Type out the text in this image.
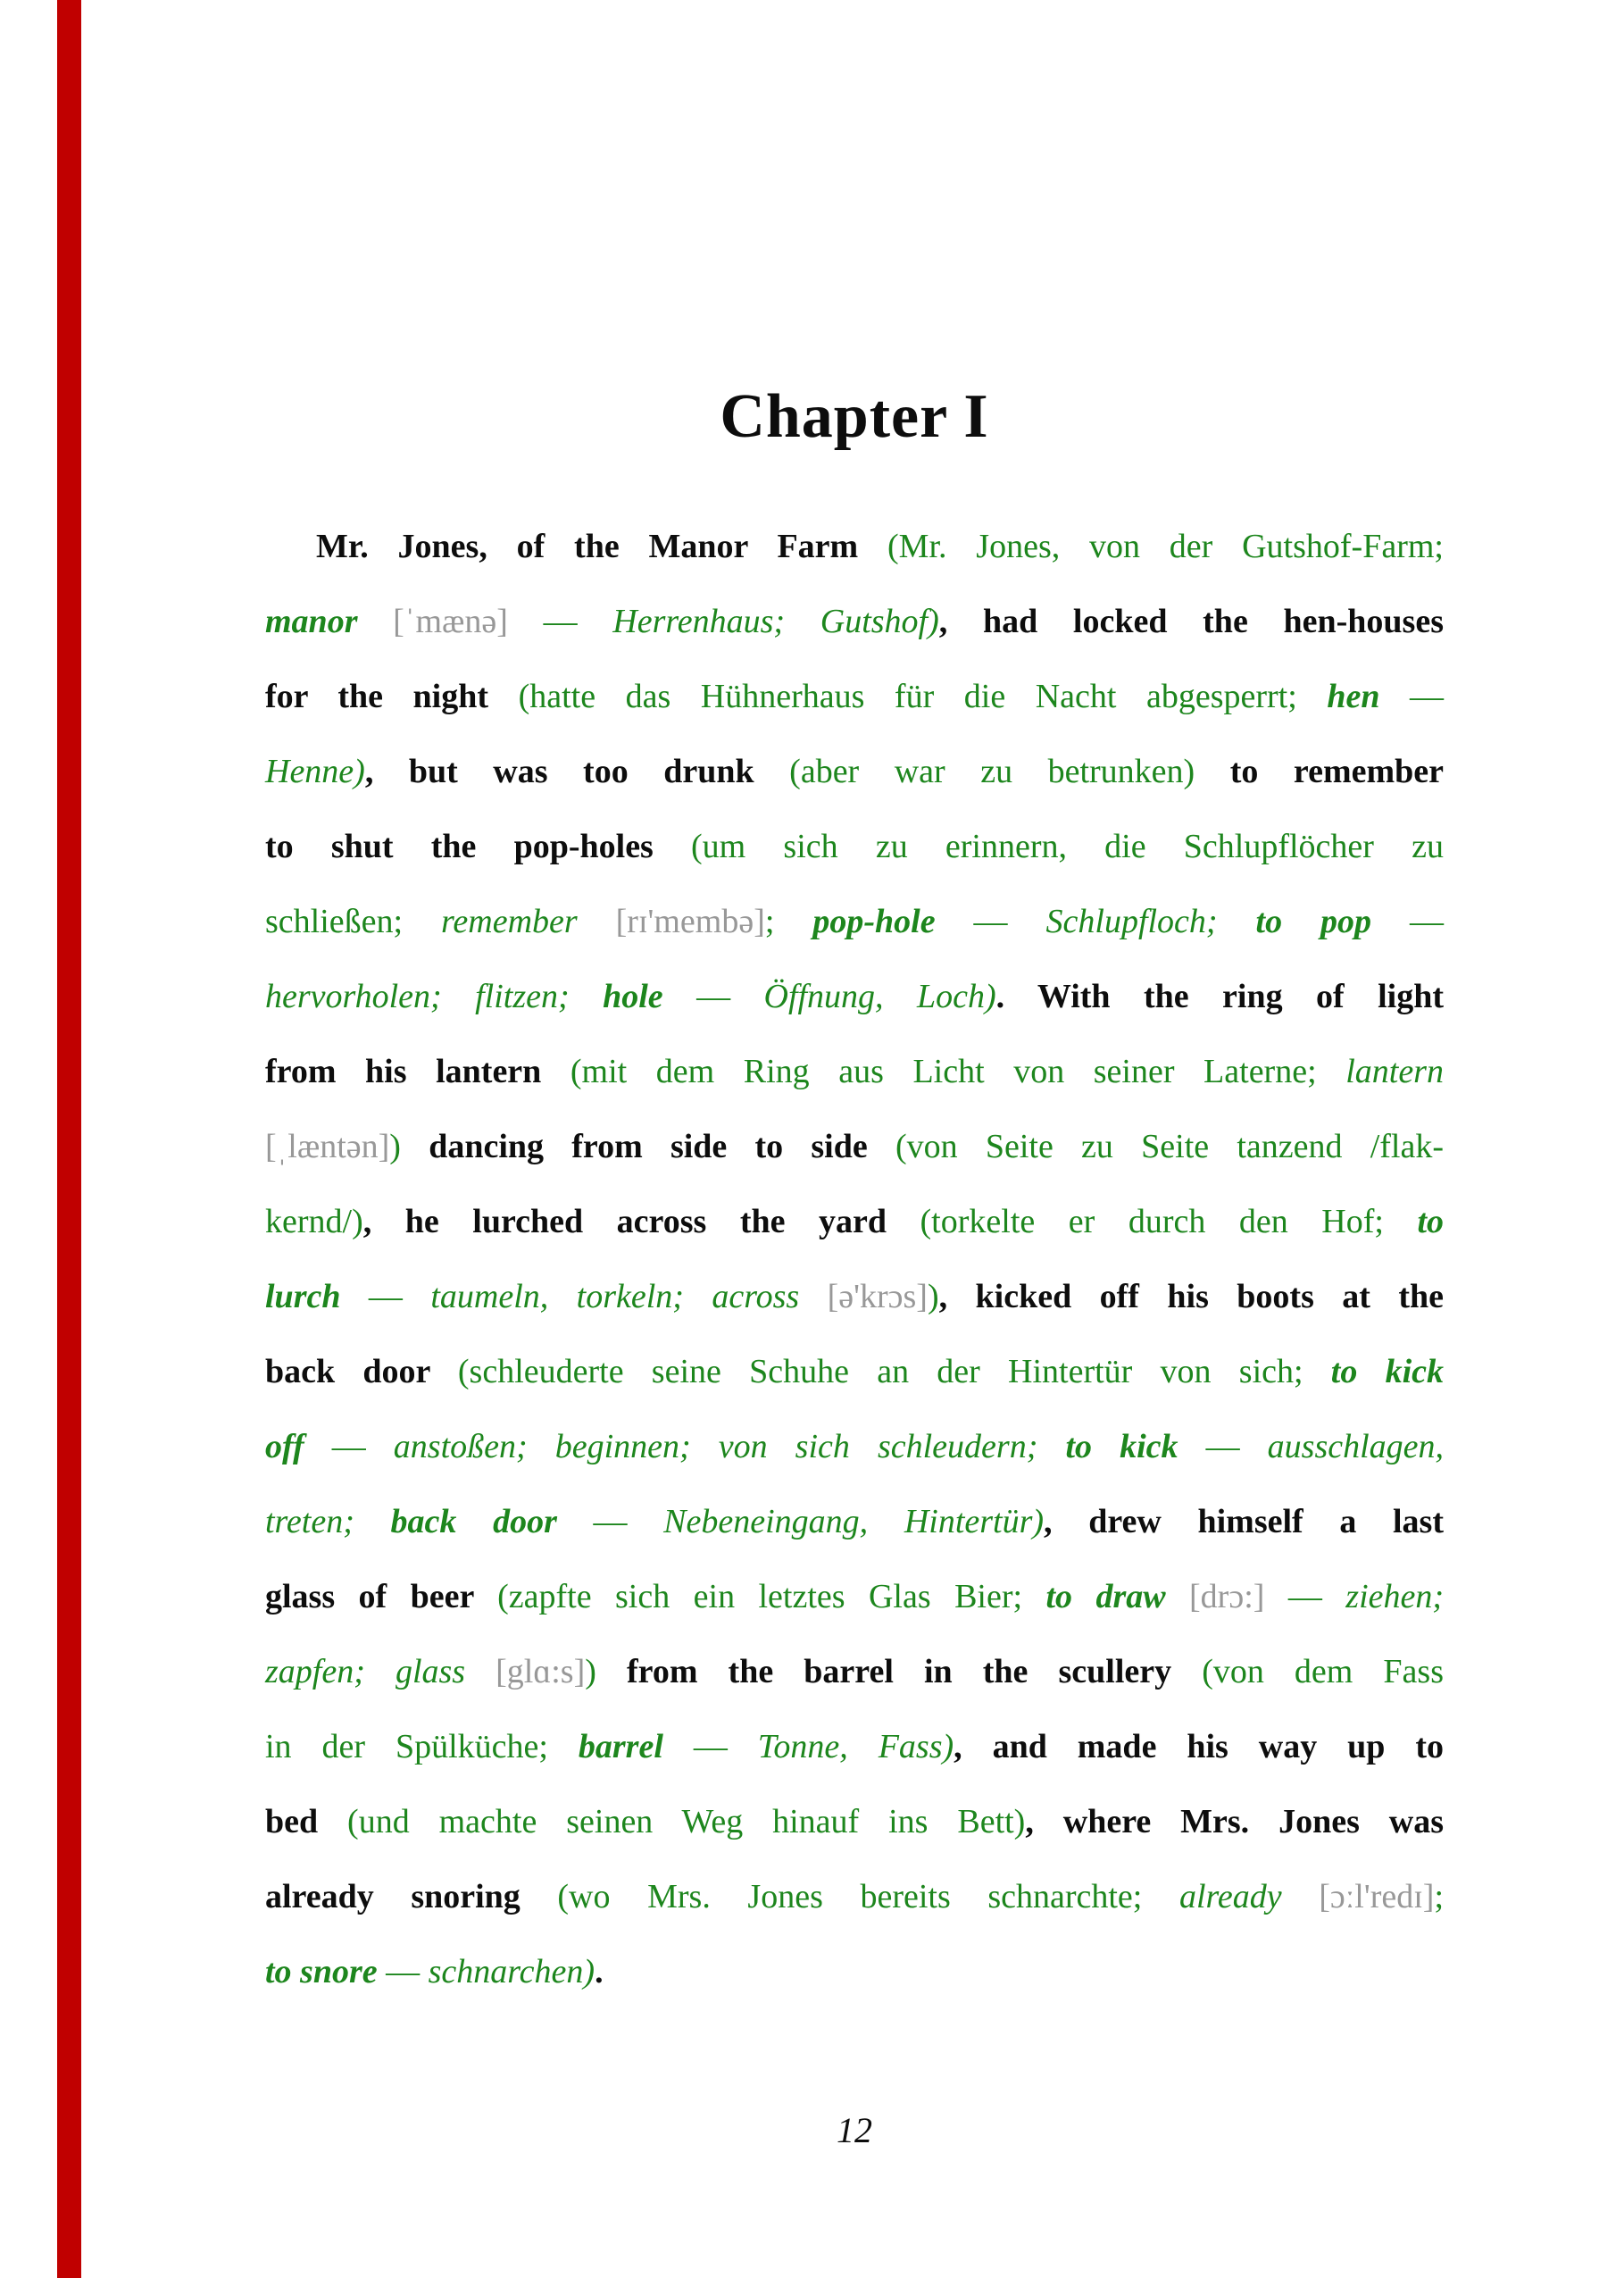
Chapter I
Mr. Jones, of the Manor Farm (Mr. Jones, von der Gutshof-Farm;
manor [ˈmænə] — Herrenhaus; Gutshof), had locked the hen-houses
for the night (hatte das Hühnerhaus für die Nacht abgesperrt; hen —
Henne), but was too drunk (aber war zu betrunken) to remember
to shut the pop-holes (um sich zu erinnern, die Schlupflöcher zu
schließen; remember [rɪ'membə]; pop-hole — Schlupfloch; to pop —
hervorholen; flitzen; hole — Öffnung, Loch). With the ring of light
from his lantern (mit dem Ring aus Licht von seiner Laterne; lantern
[ˌlæntən]) dancing from side to side (von Seite zu Seite tanzend /flak-
kernd/), he lurched across the yard (torkelte er durch den Hof; to
lurch — taumeln, torkeln; across [ə'krɔs]), kicked off his boots at the
back door (schleuderte seine Schuhe an der Hintertür von sich; to kick
off — anstoßen; beginnen; von sich schleudern; to kick — ausschlagen,
treten; back door — Nebeneingang, Hintertür), drew himself a last
glass of beer (zapfte sich ein letztes Glas Bier; to draw [drɔ:] — ziehen;
zapfen; glass [glɑ:s]) from the barrel in the scullery (von dem Fass
in der Spülküche; barrel — Tonne, Fass), and made his way up to
bed (und machte seinen Weg hinauf ins Bett), where Mrs. Jones was
already snoring (wo Mrs. Jones bereits schnarchte; already [ɔːl'redɪ];
to snore — schnarchen).
12
